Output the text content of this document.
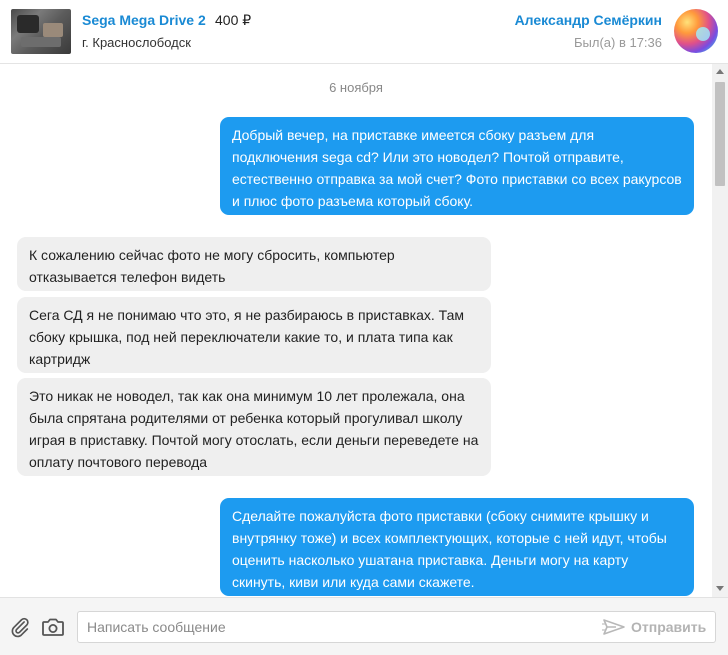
Sega Mega Drive 2 400 ₽
г. Краснослободск
Александр Семёркин
Был(а) в 17:36
6 ноября

Добрый вечер, на приставке имеется сбоку разъем для

подключения sega cd? Или это новодел? Почтой отправите,

естественно отправка за мой счет? Фото приставки со всех ракурсов

и плюс фото разъема который сбоку.

К сожалению сейчас фото не могу сбросить, компьютер

отказывается телефон видеть

Сега СД я не понимаю что это, я не разбираюсь в приставках. Там

сбоку крышка, под ней переключатели какие то, и плата типа как

картридж

Это никак не новодел, так как она минимум 10 лет пролежала, она

была спрятана родителями от ребенка который прогуливал школу

играя в приставку. Почтой могу отослать, если деньги переведете на

оплату почтового перевода

Сделайте пожалуйста фото приставки (сбоку снимите крышку и

внутрянку тоже) и всех комплектующих, которые с ней идут, чтобы

оценить насколько ушатана приставка. Деньги могу на карту

скинуть, киви или куда сами скажете.

Написать сообщение
Отправить
